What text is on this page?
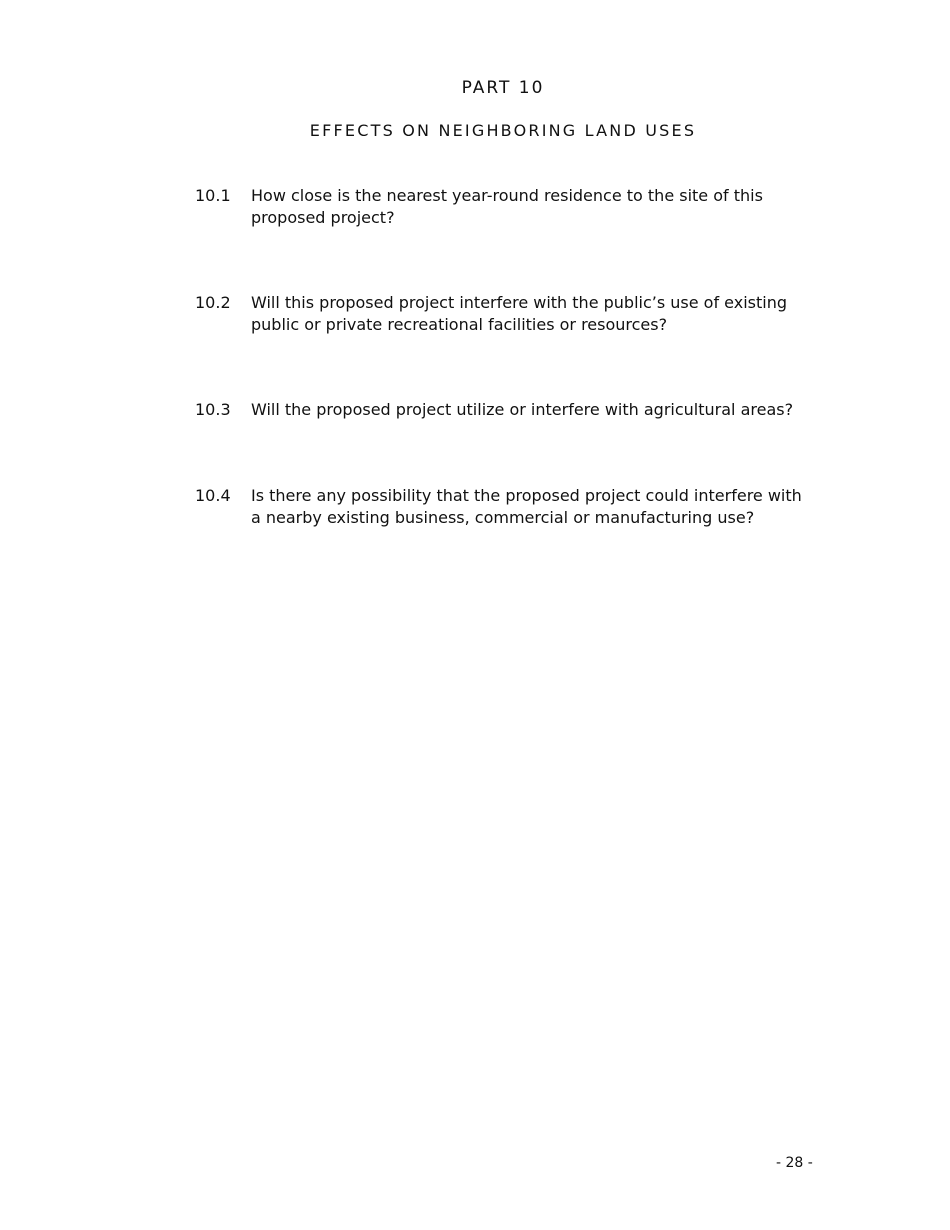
PART 10
EFFECTS ON NEIGHBORING LAND USES
10.1	How close is the nearest year-round residence to the site of this proposed project?
10.2	Will this proposed project interfere with the public’s use of existing public or private recreational facilities or resources?
10.3	Will the proposed project utilize or interfere with agricultural areas?
10.4	Is there any possibility that the proposed project could interfere with a nearby existing business, commercial or manufacturing use?
- 28 -
